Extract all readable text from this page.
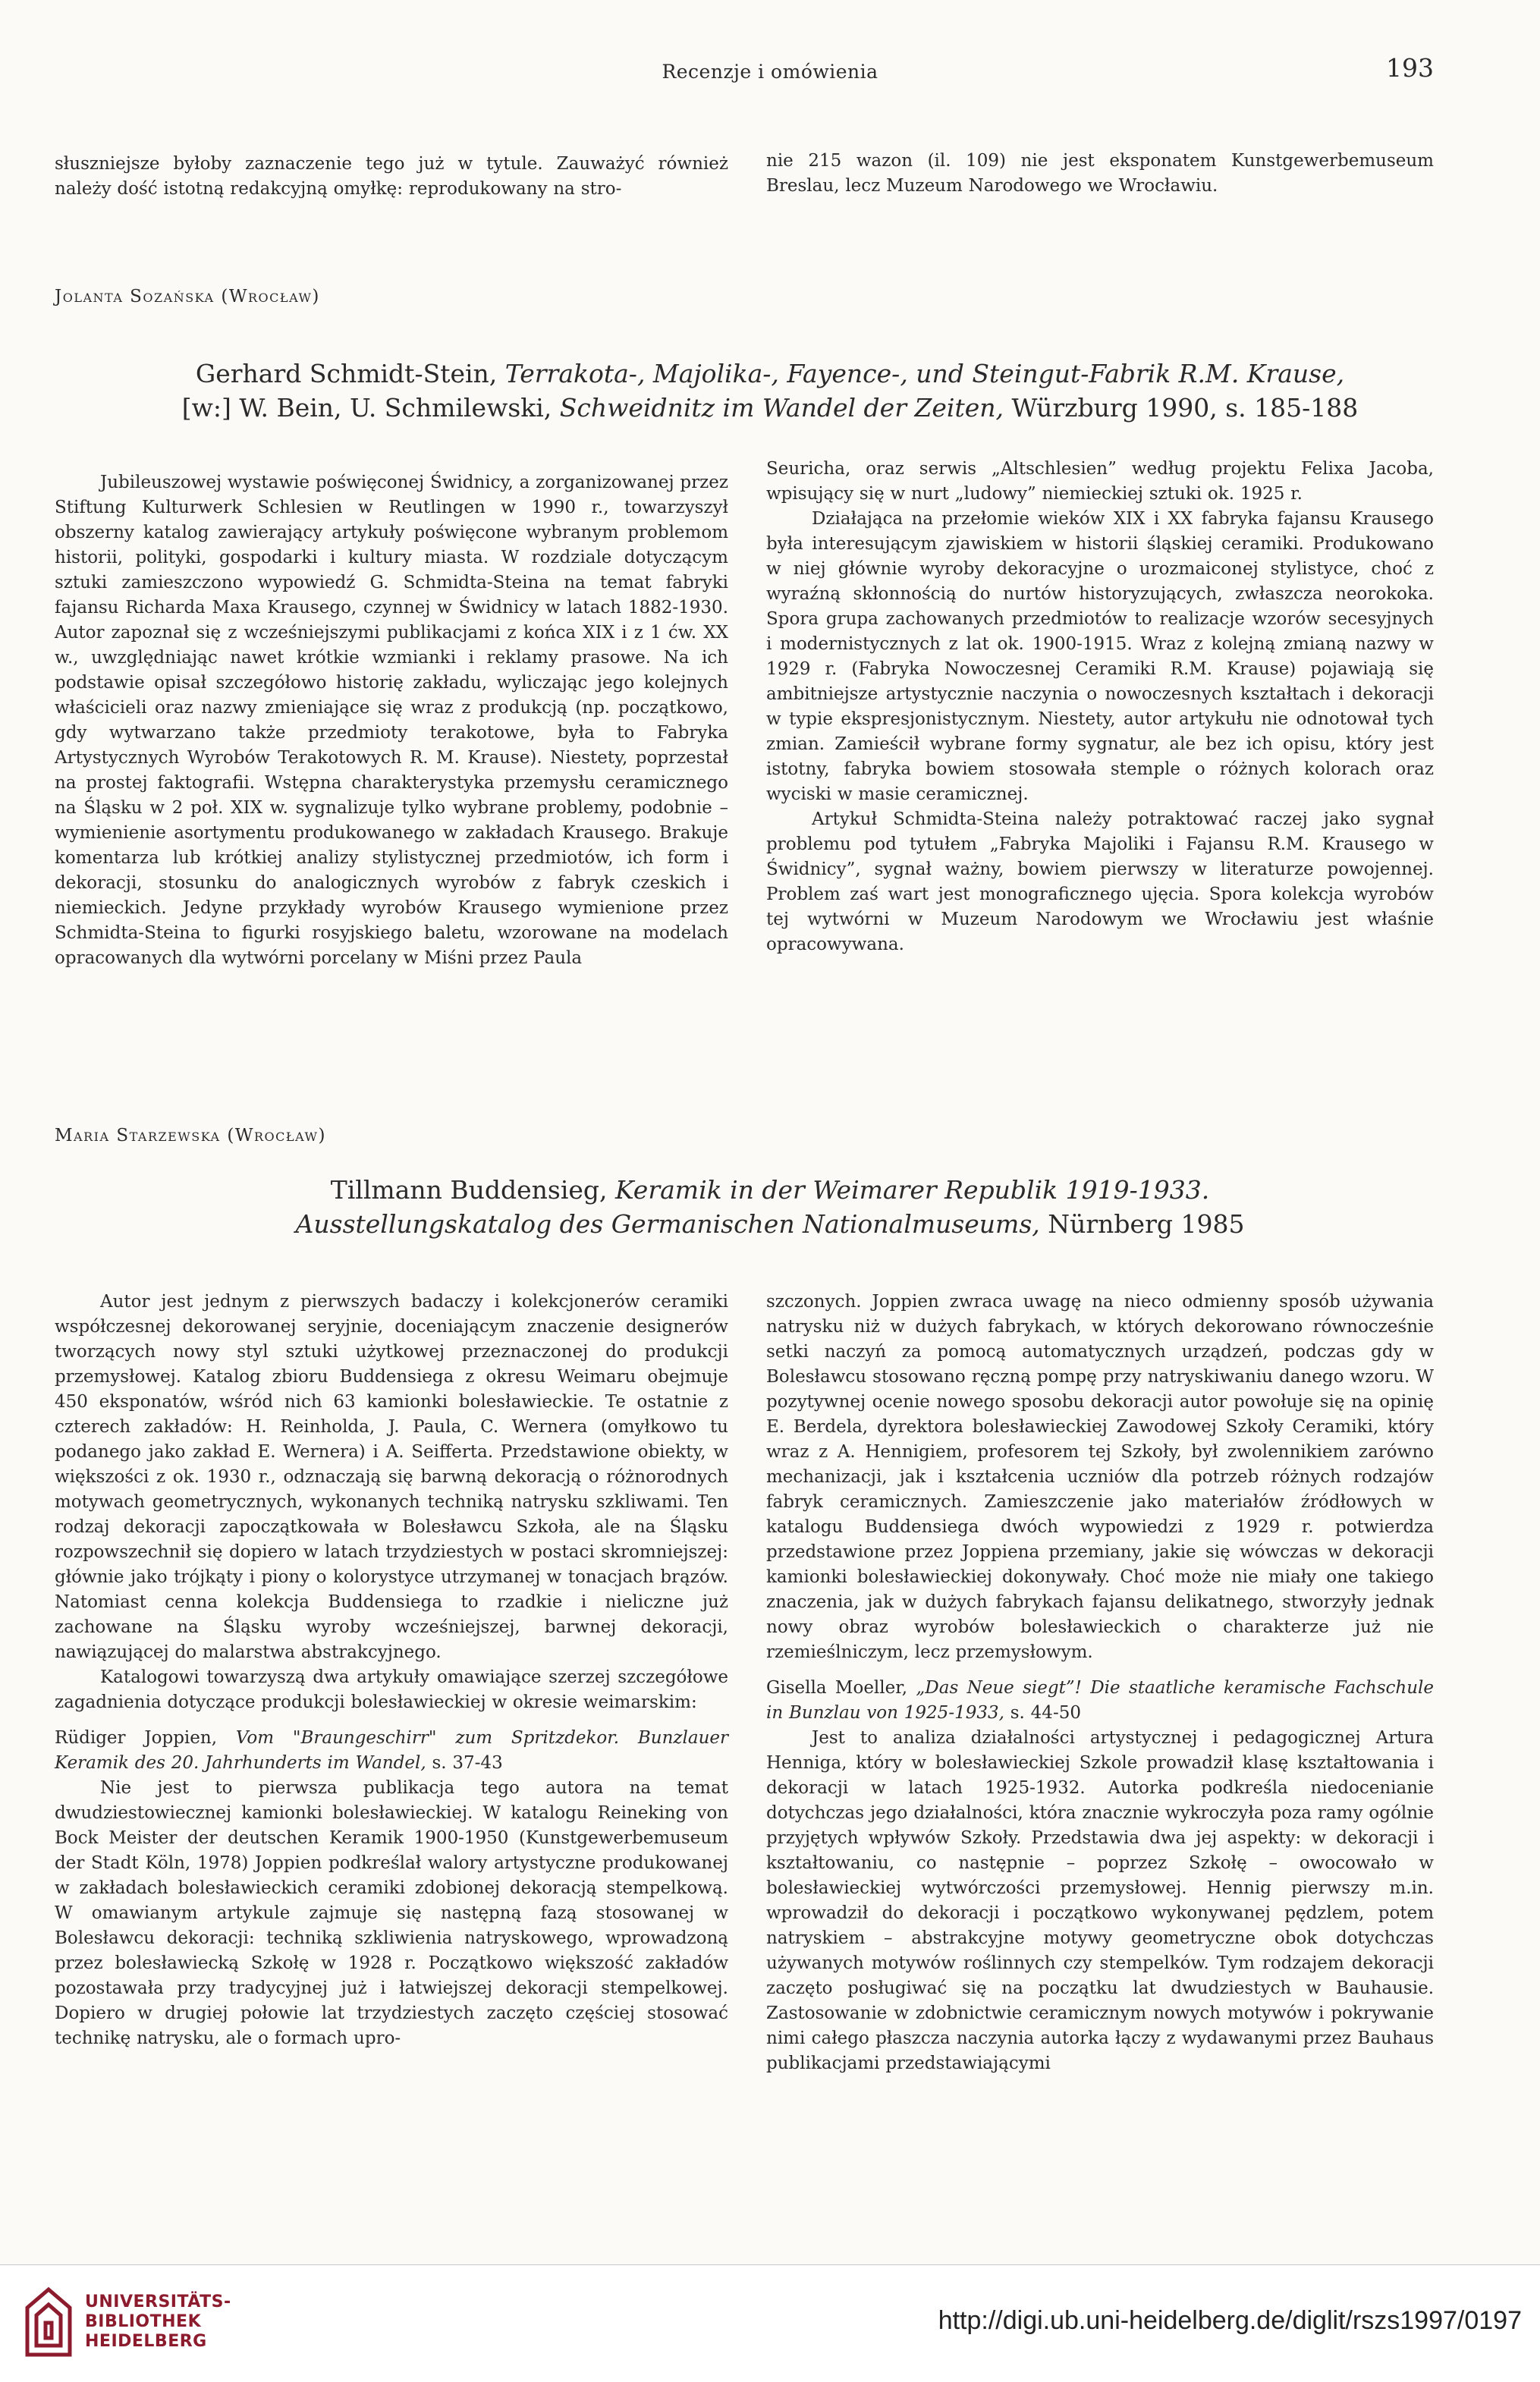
Recenzje i omówienia	193

słuszniejsze byłoby zaznaczenie tego już w tytule. Zauważyć również należy dość istotną redakcyjną omyłkę: reprodukowany na stro-

nie 215 wazon (il. 109) nie jest eksponatem Kunstgewerbemuseum Breslau, lecz Muzeum Narodowego we Wrocławiu.

Jolanta Sozańska (Wrocław)
Gerhard Schmidt-Stein, Terrakota-, Majolika-, Fayence-, und Steingut-Fabrik R.M. Krause,
[w:] W. Bein, U. Schmilewski, Schweidnitz im Wandel der Zeiten, Würzburg 1990, s. 185-188

Jubileuszowej wystawie poświęconej Świdnicy, a zorganizowanej przez Stiftung Kulturwerk Schlesien w Reutlingen w 1990 r., towarzyszył obszerny katalog zawierający artykuły poświęcone wybranym problemom historii, polityki, gospodarki i kultury miasta. W rozdziale dotyczącym sztuki zamieszczono wypowiedź G. Schmidta-Steina na temat fabryki fajansu Richarda Maxa Krausego, czynnej w Świdnicy w latach 1882-1930. Autor zapoznał się z wcześniejszymi publikacjami z końca XIX i z 1 ćw. XX w., uwzględniając nawet krótkie wzmianki i reklamy prasowe. Na ich podstawie opisał szczegółowo historię zakładu, wyliczając jego kolejnych właścicieli oraz nazwy zmieniające się wraz z produkcją (np. początkowo, gdy wytwarzano także przedmioty terakotowe, była to Fabryka Artystycznych Wyrobów Terakotowych R. M. Krause). Niestety, poprzestał na prostej faktografii. Wstępna charakterystyka przemysłu ceramicznego na Śląsku w 2 poł. XIX w. sygnalizuje tylko wybrane problemy, podobnie – wymienienie asortymentu produkowanego w zakładach Krausego. Brakuje komentarza lub krótkiej analizy stylistycznej przedmiotów, ich form i dekoracji, stosunku do analogicznych wyrobów z fabryk czeskich i niemieckich. Jedyne przykłady wyrobów Krausego wymienione przez Schmidta-Steina to figurki rosyjskiego baletu, wzorowane na modelach opracowanych dla wytwórni porcelany w Miśni przez Paula

Seuricha, oraz serwis „Altschlesien” według projektu Felixa Jacoba, wpisujący się w nurt „ludowy” niemieckiej sztuki ok. 1925 r.

Działająca na przełomie wieków XIX i XX fabryka fajansu Krausego była interesującym zjawiskiem w historii śląskiej ceramiki. Produkowano w niej głównie wyroby dekoracyjne o urozmaiconej stylistyce, choć z wyraźną skłonnością do nurtów historyzujących, zwłaszcza neorokoka. Spora grupa zachowanych przedmiotów to realizacje wzorów secesyjnych i modernistycznych z lat ok. 1900-1915. Wraz z kolejną zmianą nazwy w 1929 r. (Fabryka Nowoczesnej Ceramiki R.M. Krause) pojawiają się ambitniejsze artystycznie naczynia o nowoczesnych kształtach i dekoracji w typie ekspresjonistycznym. Niestety, autor artykułu nie odnotował tych zmian. Zamieścił wybrane formy sygnatur, ale bez ich opisu, który jest istotny, fabryka bowiem stosowała stemple o różnych kolorach oraz wyciski w masie ceramicznej.

Artykuł Schmidta-Steina należy potraktować raczej jako sygnał problemu pod tytułem „Fabryka Majoliki i Fajansu R.M. Krausego w Świdnicy”, sygnał ważny, bowiem pierwszy w literaturze powojennej. Problem zaś wart jest monograficznego ujęcia. Spora kolekcja wyrobów tej wytwórni w Muzeum Narodowym we Wrocławiu jest właśnie opracowywana.

Maria Starzewska (Wrocław)
Tillmann Buddensieg, Keramik in der Weimarer Republik 1919-1933.
Ausstellungskatalog des Germanischen Nationalmuseums, Nürnberg 1985

Autor jest jednym z pierwszych badaczy i kolekcjonerów ceramiki współczesnej dekorowanej seryjnie, doceniającym znaczenie designerów tworzących nowy styl sztuki użytkowej przeznaczonej do produkcji przemysłowej. Katalog zbioru Buddensiega z okresu Weimaru obejmuje 450 eksponatów, wśród nich 63 kamionki bolesławieckie. Te ostatnie z czterech zakładów: H. Reinholda, J. Paula, C. Wernera (omyłkowo tu podanego jako zakład E. Wernera) i A. Seifferta. Przedstawione obiekty, w większości z ok. 1930 r., odznaczają się barwną dekoracją o różnorodnych motywach geometrycznych, wykonanych techniką natrysku szkliwami. Ten rodzaj dekoracji zapoczątkowała w Bolesławcu Szkoła, ale na Śląsku rozpowszechnił się dopiero w latach trzydziestych w postaci skromniejszej: głównie jako trójkąty i piony o kolorystyce utrzymanej w tonacjach brązów. Natomiast cenna kolekcja Buddensiega to rzadkie i nieliczne już zachowane na Śląsku wyroby wcześniejszej, barwnej dekoracji, nawiązującej do malarstwa abstrakcyjnego.

Katalogowi towarzyszą dwa artykuły omawiające szerzej szczegółowe zagadnienia dotyczące produkcji bolesławieckiej w okresie weimarskim:

Rüdiger Joppien, Vom "Braungeschirr" zum Spritzdekor. Bunzlauer Keramik des 20. Jahrhunderts im Wandel, s. 37-43

Nie jest to pierwsza publikacja tego autora na temat dwudziestowiecznej kamionki bolesławieckiej. W katalogu Reineking von Bock Meister der deutschen Keramik 1900-1950 (Kunstgewerbemuseum der Stadt Köln, 1978) Joppien podkreślał walory artystyczne produkowanej w zakładach bolesławieckich ceramiki zdobionej dekoracją stempelkową. W omawianym artykule zajmuje się następną fazą stosowanej w Bolesławcu dekoracji: techniką szkliwienia natryskowego, wprowadzoną przez bolesławiecką Szkołę w 1928 r. Początkowo większość zakładów pozostawała przy tradycyjnej już i łatwiejszej dekoracji stempelkowej. Dopiero w drugiej połowie lat trzydziestych zaczęto częściej stosować technikę natrysku, ale o formach upro-

szczonych. Joppien zwraca uwagę na nieco odmienny sposób używania natrysku niż w dużych fabrykach, w których dekorowano równocześnie setki naczyń za pomocą automatycznych urządzeń, podczas gdy w Bolesławcu stosowano ręczną pompę przy natryskiwaniu danego wzoru. W pozytywnej ocenie nowego sposobu dekoracji autor powołuje się na opinię E. Berdela, dyrektora bolesławieckiej Zawodowej Szkoły Ceramiki, który wraz z A. Hennigiem, profesorem tej Szkoły, był zwolennikiem zarówno mechanizacji, jak i kształcenia uczniów dla potrzeb różnych rodzajów fabryk ceramicznych. Zamieszczenie jako materiałów źródłowych w katalogu Buddensiega dwóch wypowiedzi z 1929 r. potwierdza przedstawione przez Joppiena przemiany, jakie się wówczas w dekoracji kamionki bolesławieckiej dokonywały. Choć może nie miały one takiego znaczenia, jak w dużych fabrykach fajansu delikatnego, stworzyły jednak nowy obraz wyrobów bolesławieckich o charakterze już nie rzemieślniczym, lecz przemysłowym.

Gisella Moeller, „Das Neue siegt”! Die staatliche keramische Fachschule in Bunzlau von 1925-1933, s. 44-50

Jest to analiza działalności artystycznej i pedagogicznej Artura Henniga, który w bolesławieckiej Szkole prowadził klasę kształtowania i dekoracji w latach 1925-1932. Autorka podkreśla niedocenianie dotychczas jego działalności, która znacznie wykroczyła poza ramy ogólnie przyjętych wpływów Szkoły. Przedstawia dwa jej aspekty: w dekoracji i kształtowaniu, co następnie – poprzez Szkołę – owocowało w bolesławieckiej wytwórczości przemysłowej. Hennig pierwszy m.in. wprowadził do dekoracji i początkowo wykonywanej pędzlem, potem natryskiem – abstrakcyjne motywy geometryczne obok dotychczas używanych motywów roślinnych czy stempelków. Tym rodzajem dekoracji zaczęto posługiwać się na początku lat dwudziestych w Bauhausie. Zastosowanie w zdobnictwie ceramicznym nowych motywów i pokrywanie nimi całego płaszcza naczynia autorka łączy z wydawanymi przez Bauhaus publikacjami przedstawiającymi

UNIVERSITÄTS-
BIBLIOTHEK
HEIDELBERG
http://digi.ub.uni-heidelberg.de/diglit/rszs1997/0197
